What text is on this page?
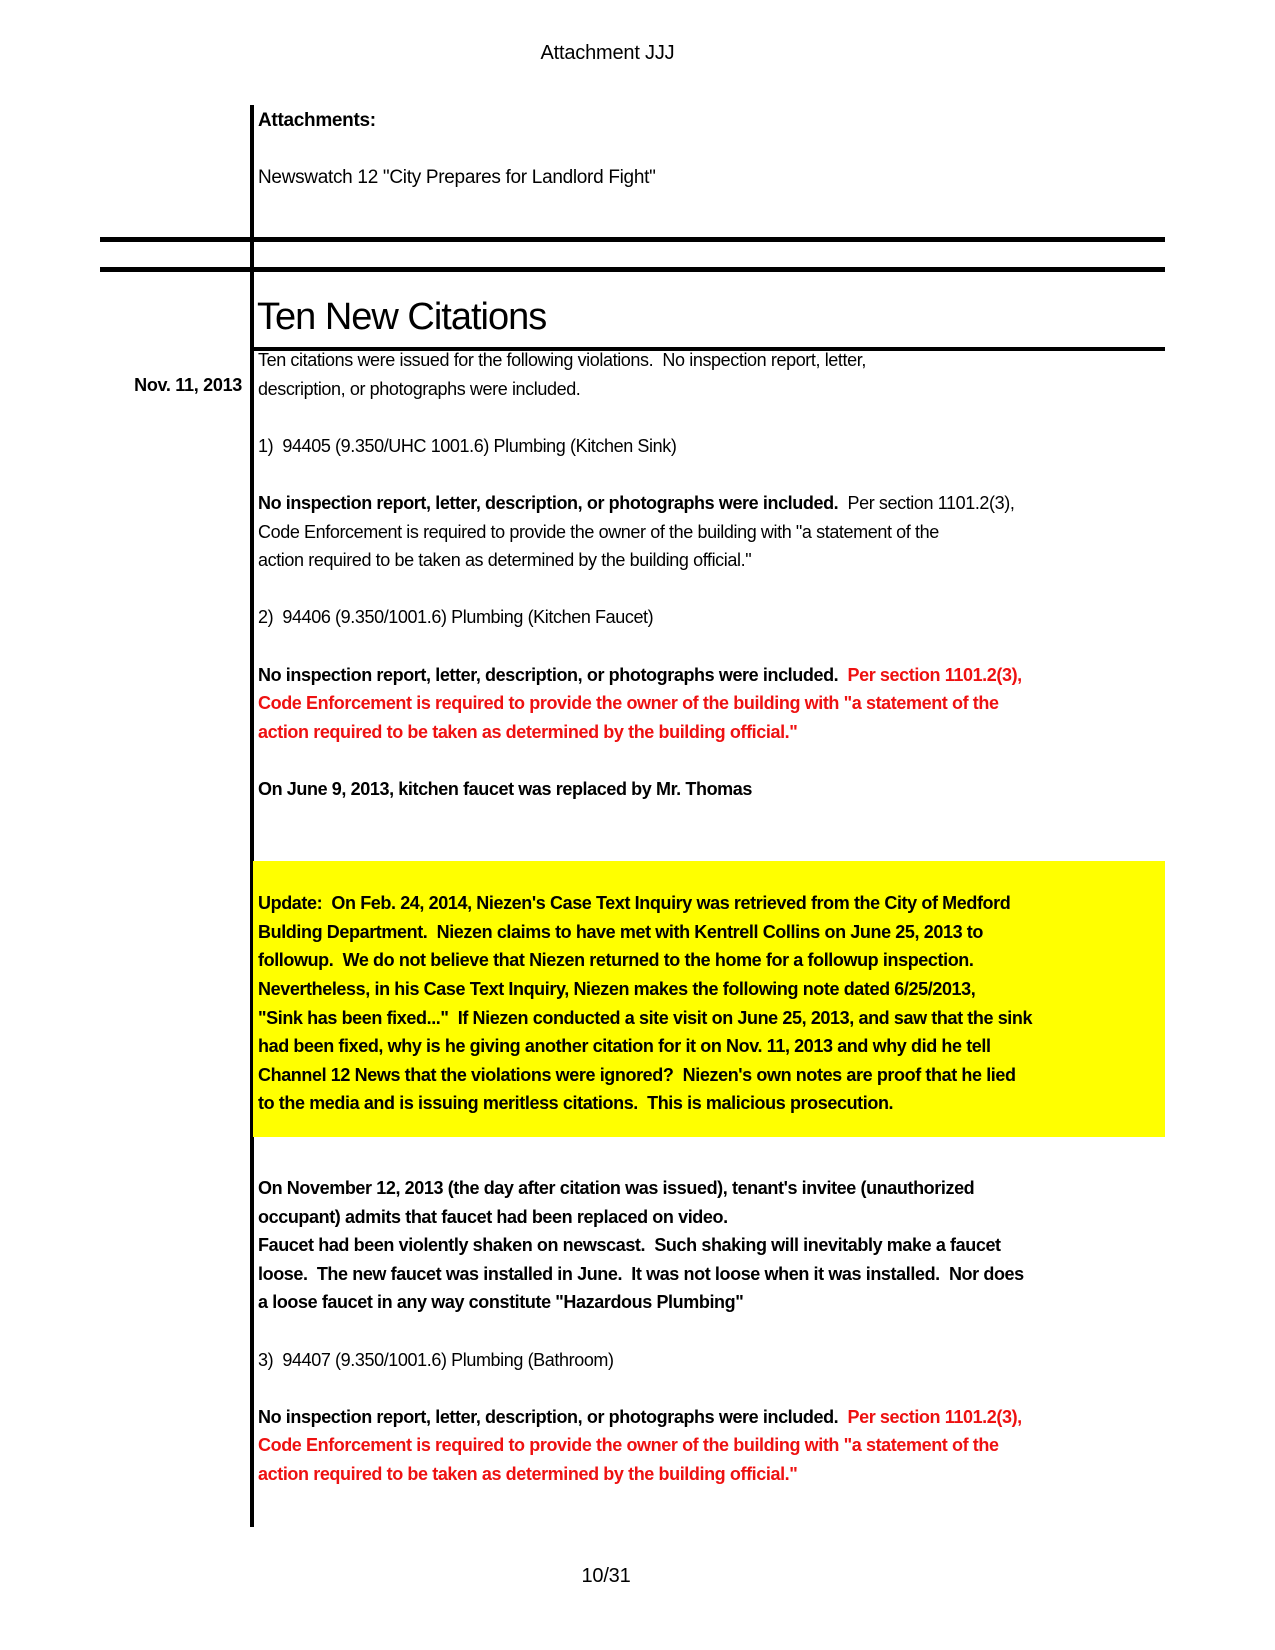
Attachment JJJ
Attachments:
Newswatch 12 "City Prepares for Landlord Fight"
Ten New Citations
Nov. 11, 2013
Ten citations were issued for the following violations.  No inspection report, letter,
description, or photographs were included.

1)  94405 (9.350/UHC 1001.6) Plumbing (Kitchen Sink)

No inspection report, letter, description, or photographs were included.  Per section 1101.2(3),
Code Enforcement is required to provide the owner of the building with "a statement of the
action required to be taken as determined by the building official."

2)  94406 (9.350/1001.6) Plumbing (Kitchen Faucet)

No inspection report, letter, description, or photographs were included.  Per section 1101.2(3),
Code Enforcement is required to provide the owner of the building with "a statement of the
action required to be taken as determined by the building official."

On June 9, 2013, kitchen faucet was replaced by Mr. Thomas

Update:  On Feb. 24, 2014, Niezen's Case Text Inquiry was retrieved from the City of Medford
Bulding Department.  Niezen claims to have met with Kentrell Collins on June 25, 2013 to
followup.  We do not believe that Niezen returned to the home for a followup inspection.
Nevertheless, in his Case Text Inquiry, Niezen makes the following note dated 6/25/2013,
"Sink has been fixed..."  If Niezen conducted a site visit on June 25, 2013, and saw that the sink
had been fixed, why is he giving another citation for it on Nov. 11, 2013 and why did he tell
Channel 12 News that the violations were ignored?  Niezen's own notes are proof that he lied
to the media and is issuing meritless citations.  This is malicious prosecution.
On November 12, 2013 (the day after citation was issued), tenant's invitee (unauthorized
occupant) admits that faucet had been replaced on video.
Faucet had been violently shaken on newscast.  Such shaking will inevitably make a faucet
loose.  The new faucet was installed in June.  It was not loose when it was installed.  Nor does
a loose faucet in any way constitute "Hazardous Plumbing"

3)  94407 (9.350/1001.6) Plumbing (Bathroom)

No inspection report, letter, description, or photographs were included.  Per section 1101.2(3),
Code Enforcement is required to provide the owner of the building with "a statement of the
action required to be taken as determined by the building official."
10/31
